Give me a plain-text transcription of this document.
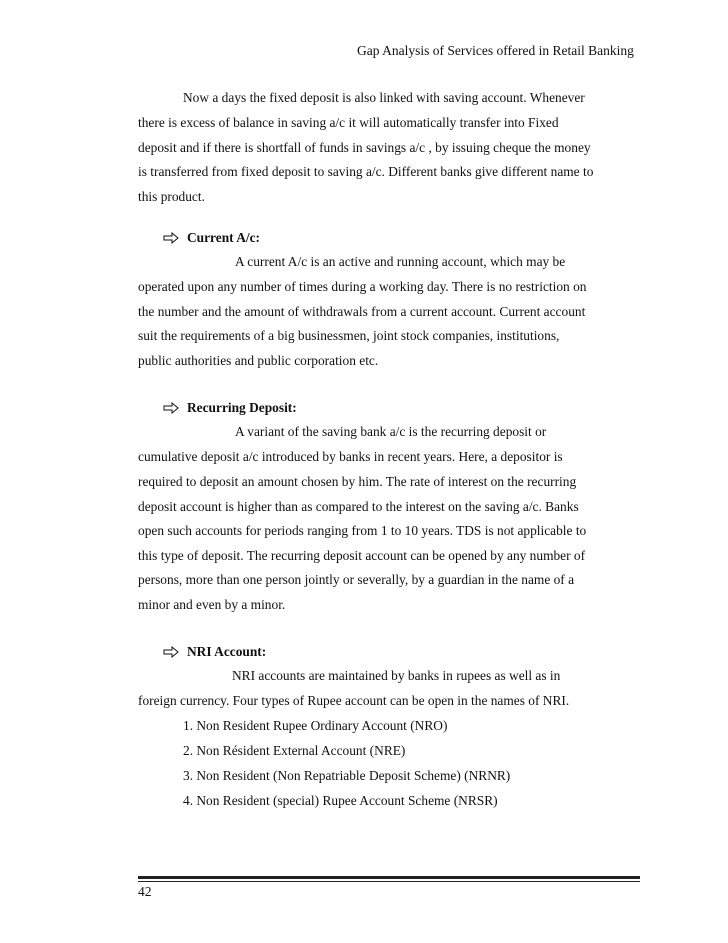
Gap Analysis of Services offered in Retail Banking
Now a days the fixed deposit is also linked with saving account. Whenever
there is excess of balance in saving a/c it will automatically transfer into Fixed
deposit and if there is shortfall of funds in savings a/c , by issuing cheque the money
is transferred from fixed deposit to saving a/c. Different banks give different name to
this product.
Current A/c:
A current A/c is an active and running account, which may be
operated upon any number of times during a working day. There is no restriction on
the number and the amount of withdrawals from a current account. Current account
suit the requirements of a big businessmen, joint stock companies, institutions,
public authorities and public corporation etc.
Recurring Deposit:
A variant of the saving bank a/c is the recurring deposit or
cumulative deposit a/c introduced by banks in recent years. Here, a depositor is
required to deposit an amount chosen by him. The rate of interest on the recurring
deposit account is higher than as compared to the interest on the saving a/c. Banks
open such accounts for periods ranging from 1 to 10 years. TDS is not applicable to
this type of deposit. The recurring deposit account can be opened by any number of
persons, more than one person jointly or severally, by a guardian in the name of a
minor and even by a minor.
NRI Account:
NRI accounts are maintained by banks in rupees as well as in
foreign currency. Four types of Rupee account can be open in the names of NRI.
1. Non Resident Rupee Ordinary Account (NRO)
2. Non Résident External Account (NRE)
3. Non Resident (Non Repatriable Deposit Scheme) (NRNR)
4. Non Resident (special) Rupee Account Scheme (NRSR)
42
